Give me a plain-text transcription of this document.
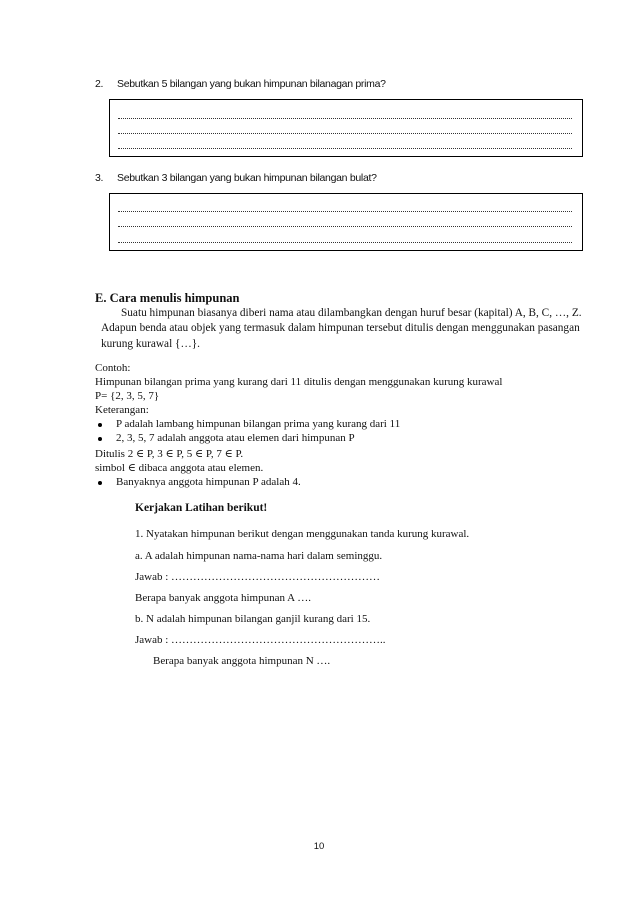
2. Sebutkan 5 bilangan yang bukan himpunan bilanagan prima?
3. Sebutkan 3 bilangan yang bukan himpunan bilangan bulat?
E. Cara menulis himpunan
Suatu himpunan biasanya diberi nama atau dilambangkan dengan huruf besar (kapital) A, B, C, …, Z.
Adapun benda atau objek yang termasuk dalam himpunan tersebut ditulis dengan menggunakan pasangan
kurung kurawal {…}.
Contoh:
Himpunan bilangan prima yang kurang dari 11 ditulis dengan menggunakan kurung kurawal
P= {2, 3, 5, 7}
Keterangan:
P adalah lambang himpunan bilangan prima yang kurang dari 11
2, 3, 5, 7 adalah anggota atau elemen dari himpunan P
Ditulis 2 ∈ P, 3 ∈ P, 5 ∈ P, 7 ∈ P.
simbol ∈ dibaca anggota atau elemen.
Banyaknya anggota himpunan P adalah 4.
Kerjakan Latihan berikut!
1. Nyatakan himpunan berikut dengan menggunakan tanda kurung kurawal.
a. A adalah himpunan nama-nama hari dalam seminggu.
Jawab : …………………………………………………
Berapa banyak anggota himpunan A ….
b. N adalah himpunan bilangan ganjil kurang dari 15.
Jawab : …………………………………………………..
Berapa banyak anggota himpunan N ….
10
